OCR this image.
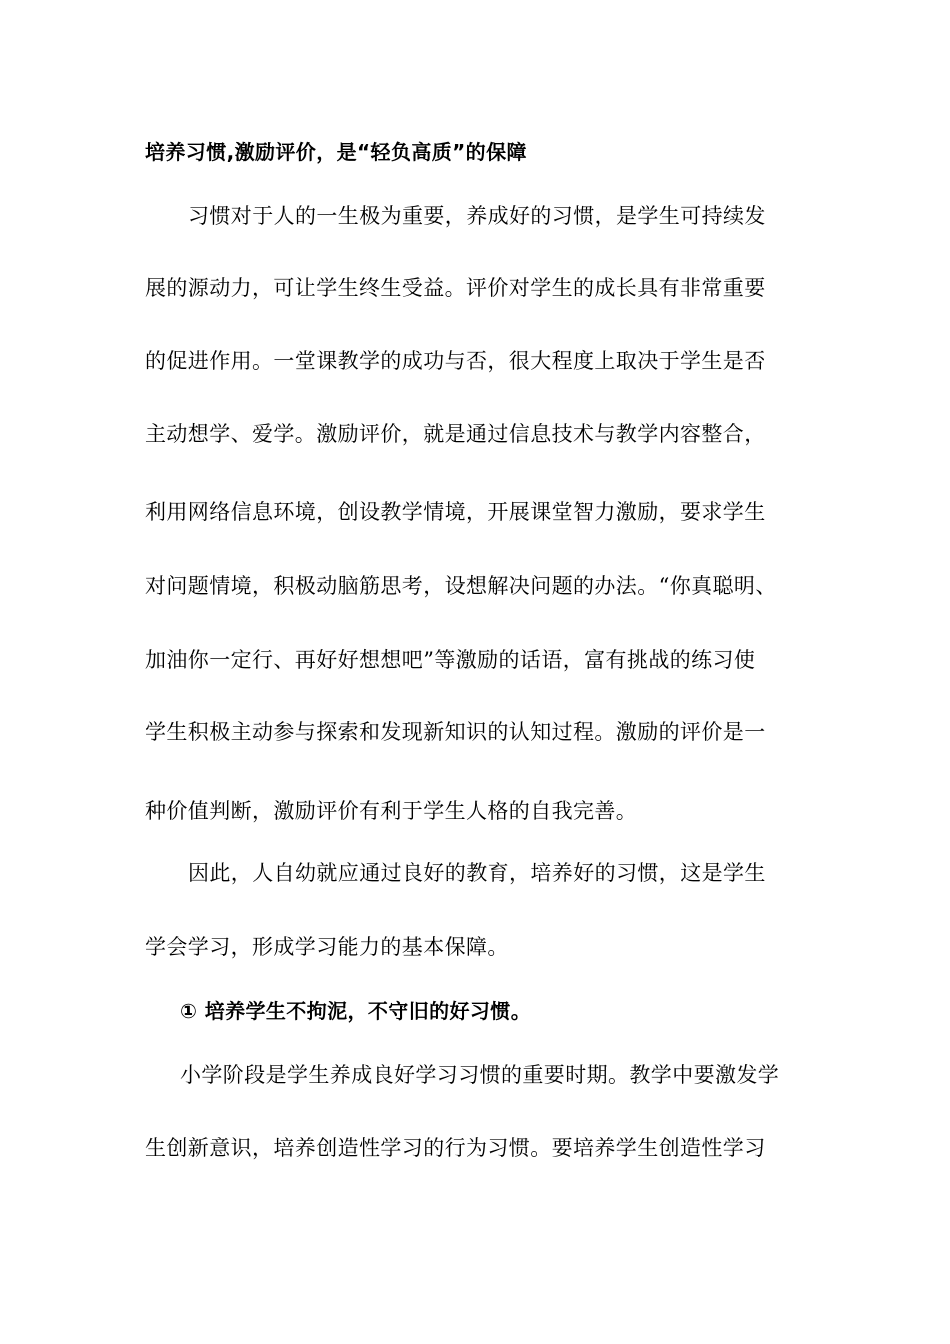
培养习惯,激励评价，是“轻负高质”的保障
习惯对于人的一生极为重要，养成好的习惯，是学生可持续发
展的源动力，可让学生终生受益。评价对学生的成长具有非常重要
的促进作用。一堂课教学的成功与否，很大程度上取决于学生是否
主动想学、爱学。激励评价，就是通过信息技术与教学内容整合，
利用网络信息环境，创设教学情境，开展课堂智力激励，要求学生
对问题情境，积极动脑筋思考，设想解决问题的办法。“你真聪明、
加油你一定行、再好好想想吧”等激励的话语，富有挑战的练习使
学生积极主动参与探索和发现新知识的认知过程。激励的评价是一
种价值判断，激励评价有利于学生人格的自我完善。
因此，人自幼就应通过良好的教育，培养好的习惯，这是学生
学会学习，形成学习能力的基本保障。
① 培养学生不拘泥，不守旧的好习惯。
小学阶段是学生养成良好学习习惯的重要时期。教学中要激发学
生创新意识，培养创造性学习的行为习惯。要培养学生创造性学习
